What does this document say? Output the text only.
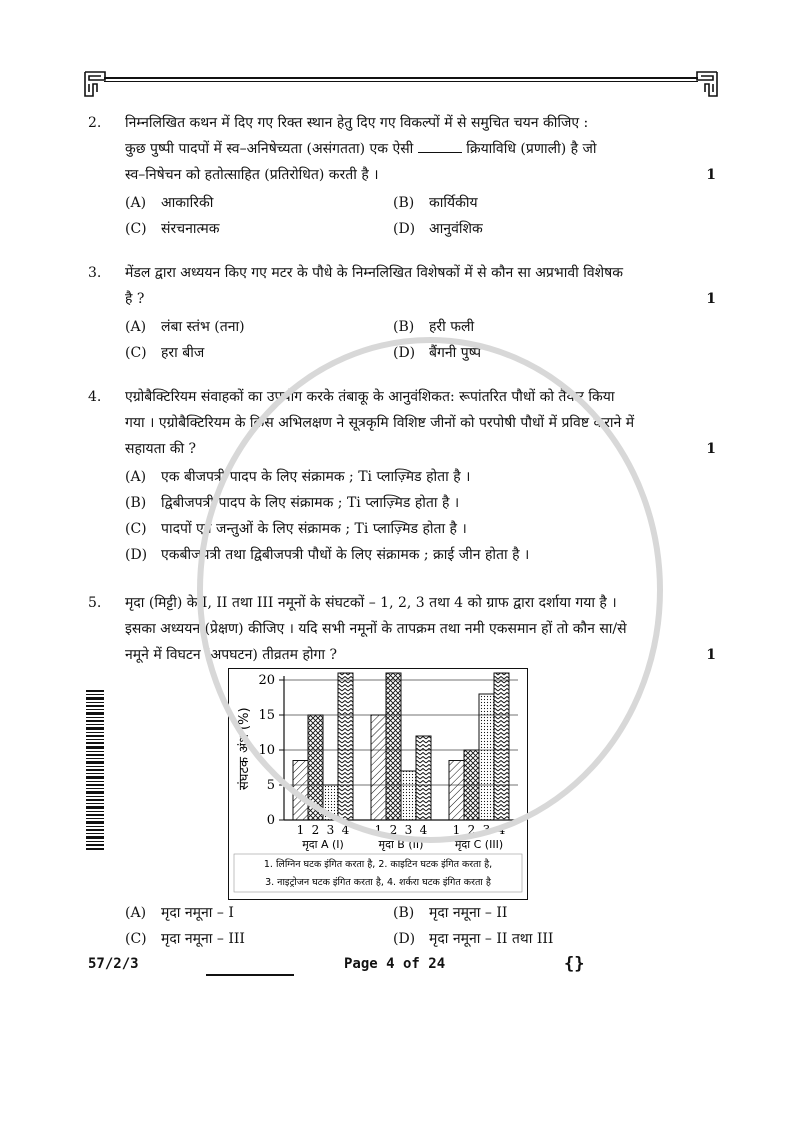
2.	निम्नलिखित कथन में दिए गए रिक्त स्थान हेतु दिए गए विकल्पों में से समुचित चयन कीजिए :
कुछ पुष्पी पादपों में स्व–अनिषेच्यता (असंगतता) एक ऐसी	क्रियाविधि (प्रणाली) है जो
स्व–निषेचन को हतोत्साहित (प्रतिरोधित) करती है ।	1
(A)	आकारिकी	(B)	कार्यिकीय
(C)	संरचनात्मक	(D) आनुवंशिक
3.	मेंडल द्वारा अध्ययन किए गए मटर के पौधे के निम्नलिखित विशेषकों में से कौन सा अप्रभावी विशेषक
है ?	1
(A)	लंबा स्तंभ (तना)	(B)	हरी फली
(C)	हरा बीज	(D) बैंगनी पुष्प
4.	एग्रोबैक्टिरियम संवाहकों का उपयोग करके तंबाकू के आनुवंशिकत: रूपांतरित पौधों को तैयार किया
गया । एग्रोबैक्टिरियम के किस अभिलक्षण ने सूत्रकृमि विशिष्ट जीनों को परपोषी पौधों में प्रविष्ट कराने में
सहायता की ?	1
(A)	एक बीजपत्री पादप के लिए संक्रामक ; Ti प्लाज़्मिड होता है ।
(B)	द्विबीजपत्री पादप के लिए संक्रामक ; Ti प्लाज़्मिड होता है ।
(C)	पादपों एवं जन्तुओं के लिए संक्रामक ; Ti प्लाज़्मिड होता है ।
(D) एकबीजपत्री तथा द्विबीजपत्री पौधों के लिए संक्रामक ; क्राई जीन होता है ।
5.	मृदा (मिट्टी) के I, II तथा III नमूनों के संघटकों – 1, 2, 3 तथा 4 को ग्राफ द्वारा दर्शाया गया है ।
इसका अध्ययन (प्रेक्षण) कीजिए । यदि सभी नमूनों के तापक्रम तथा नमी एकसमान हों तो कौन सा/से
नमूने में विघटन (अपघटन) तीव्रतम होगा ?	1
संघटक अंश (%)
0
5
10
15
20
1 2 3 4
मृदा A (I)
1 2 3 4
मृदा B (II)
1 2 3 4
मृदा C (III)
1. लिग्निन घटक इंगित करता है, 2. काइटिन घटक इंगित करता है,
3. नाइट्रोजन घटक इंगित करता है, 4. शर्करा घटक इंगित करता है
(A)	मृदा नमूना – I	(B)	मृदा नमूना – II
(C)	मृदा नमूना – III	(D) मृदा नमूना – II तथा III
57/2/3	Page 4 of 24	{}
